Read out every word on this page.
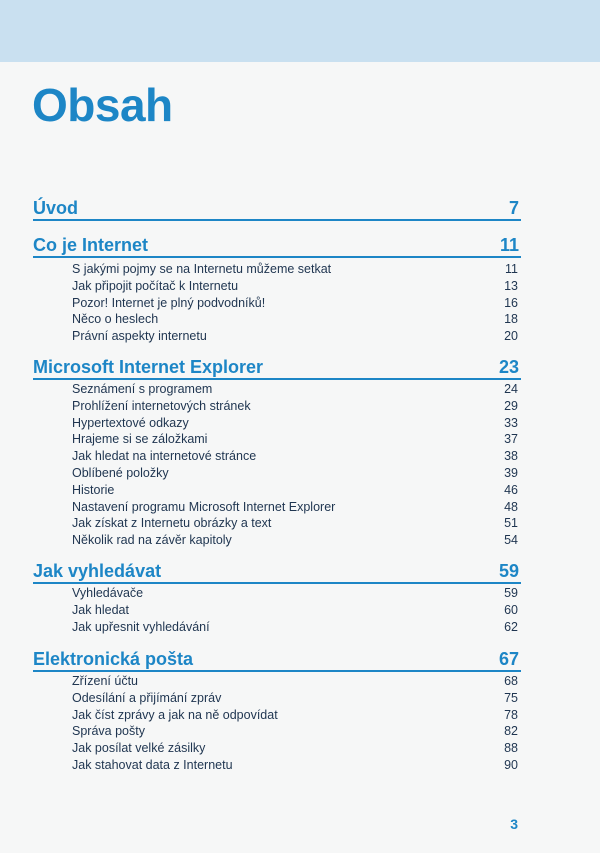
Obsah
Úvod	7
Co je Internet	11
S jakými pojmy se na Internetu můžeme setkat	11
Jak připojit počítač k Internetu	13
Pozor! Internet je plný podvodníků!	16
Něco o heslech	18
Právní aspekty internetu	20
Microsoft Internet Explorer	23
Seznámení s programem	24
Prohlížení internetových stránek	29
Hypertextové odkazy	33
Hrajeme si se záložkami	37
Jak hledat na internetové stránce	38
Oblíbené položky	39
Historie	46
Nastavení programu Microsoft Internet Explorer	48
Jak získat z Internetu obrázky a text	51
Několik rad na závěr kapitoly	54
Jak vyhledávat	59
Vyhledávače	59
Jak hledat	60
Jak upřesnit vyhledávání	62
Elektronická pošta	67
Zřízení účtu	68
Odesílání a přijímání zpráv	75
Jak číst zprávy a jak na ně odpovídat	78
Správa pošty	82
Jak posílat velké zásilky	88
Jak stahovat data z Internetu	90
3
